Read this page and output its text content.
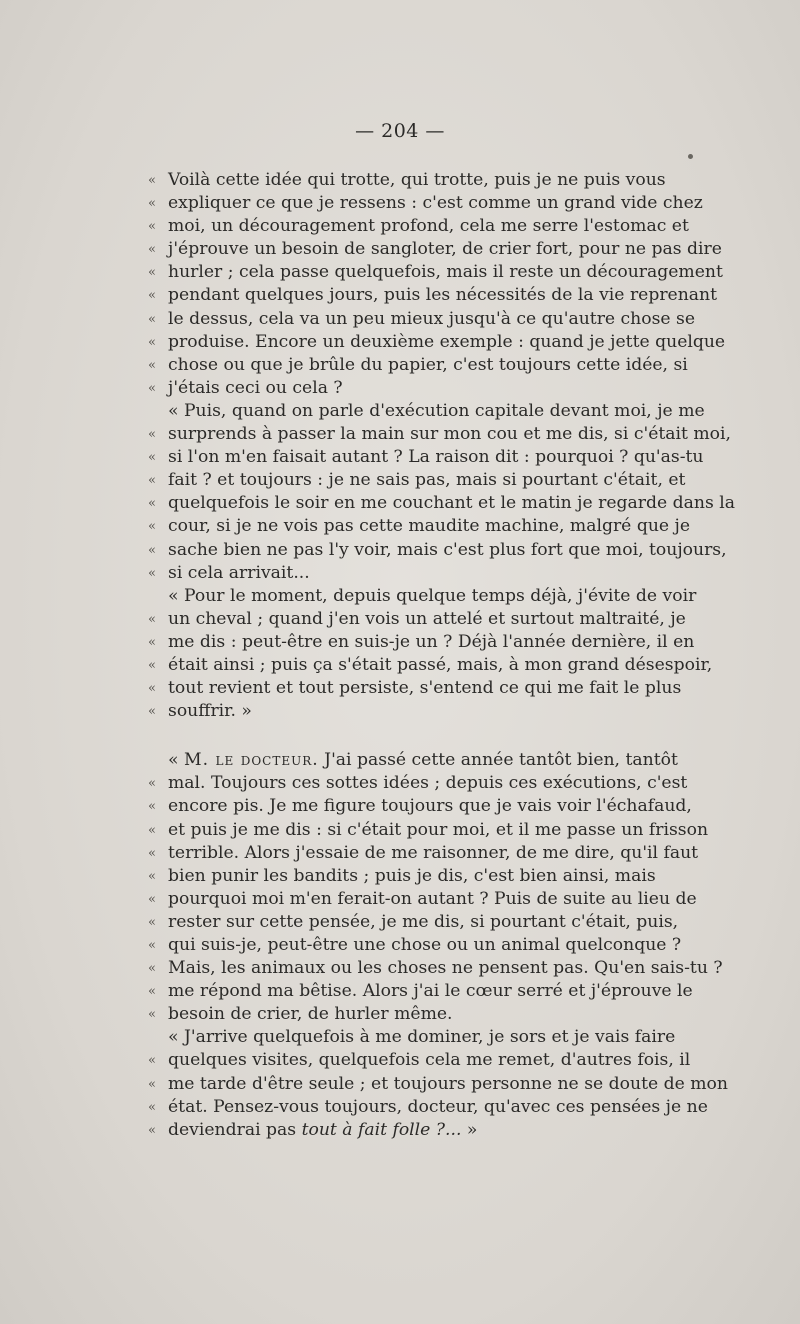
— 204 —
« Voilà cette idée qui trotte, qui trotte, puis je ne puis vous
« expliquer ce que je ressens : c'est comme un grand vide chez
« moi, un découragement profond, cela me serre l'estomac et
« j'éprouve un besoin de sangloter, de crier fort, pour ne pas dire
« hurler ; cela passe quelquefois, mais il reste un découragement
« pendant quelques jours, puis les nécessités de la vie reprenant
« le dessus, cela va un peu mieux jusqu'à ce qu'autre chose se
« produise. Encore un deuxième exemple : quand je jette quelque
« chose ou que je brûle du papier, c'est toujours cette idée, si
« j'étais ceci ou cela ?
« Puis, quand on parle d'exécution capitale devant moi, je me
« surprends à passer la main sur mon cou et me dis, si c'était moi,
« si l'on m'en faisait autant ? La raison dit : pourquoi ? qu'as-tu
« fait ? et toujours : je ne sais pas, mais si pourtant c'était, et
« quelquefois le soir en me couchant et le matin je regarde dans la
« cour, si je ne vois pas cette maudite machine, malgré que je
« sache bien ne pas l'y voir, mais c'est plus fort que moi, toujours,
« si cela arrivait...
« Pour le moment, depuis quelque temps déjà, j'évite de voir
« un cheval ; quand j'en vois un attelé et surtout maltraité, je
« me dis : peut-être en suis-je un ? Déjà l'année dernière, il en
« était ainsi ; puis ça s'était passé, mais, à mon grand désespoir,
« tout revient et tout persiste, s'entend ce qui me fait le plus
« souffrir. »
« M. le docteur. J'ai passé cette année tantôt bien, tantôt
« mal. Toujours ces sottes idées ; depuis ces exécutions, c'est
« encore pis. Je me figure toujours que je vais voir l'échafaud,
« et puis je me dis : si c'était pour moi, et il me passe un frisson
« terrible. Alors j'essaie de me raisonner, de me dire, qu'il faut
« bien punir les bandits ; puis je dis, c'est bien ainsi, mais
« pourquoi moi m'en ferait-on autant ? Puis de suite au lieu de
« rester sur cette pensée, je me dis, si pourtant c'était, puis,
« qui suis-je, peut-être une chose ou un animal quelconque ?
« Mais, les animaux ou les choses ne pensent pas. Qu'en sais-tu ?
« me répond ma bêtise. Alors j'ai le cœur serré et j'éprouve le
« besoin de crier, de hurler même.
« J'arrive quelquefois à me dominer, je sors et je vais faire
« quelques visites, quelquefois cela me remet, d'autres fois, il
« me tarde d'être seule ; et toujours personne ne se doute de mon
« état. Pensez-vous toujours, docteur, qu'avec ces pensées je ne
« deviendrai pas tout à fait folle ?... »
